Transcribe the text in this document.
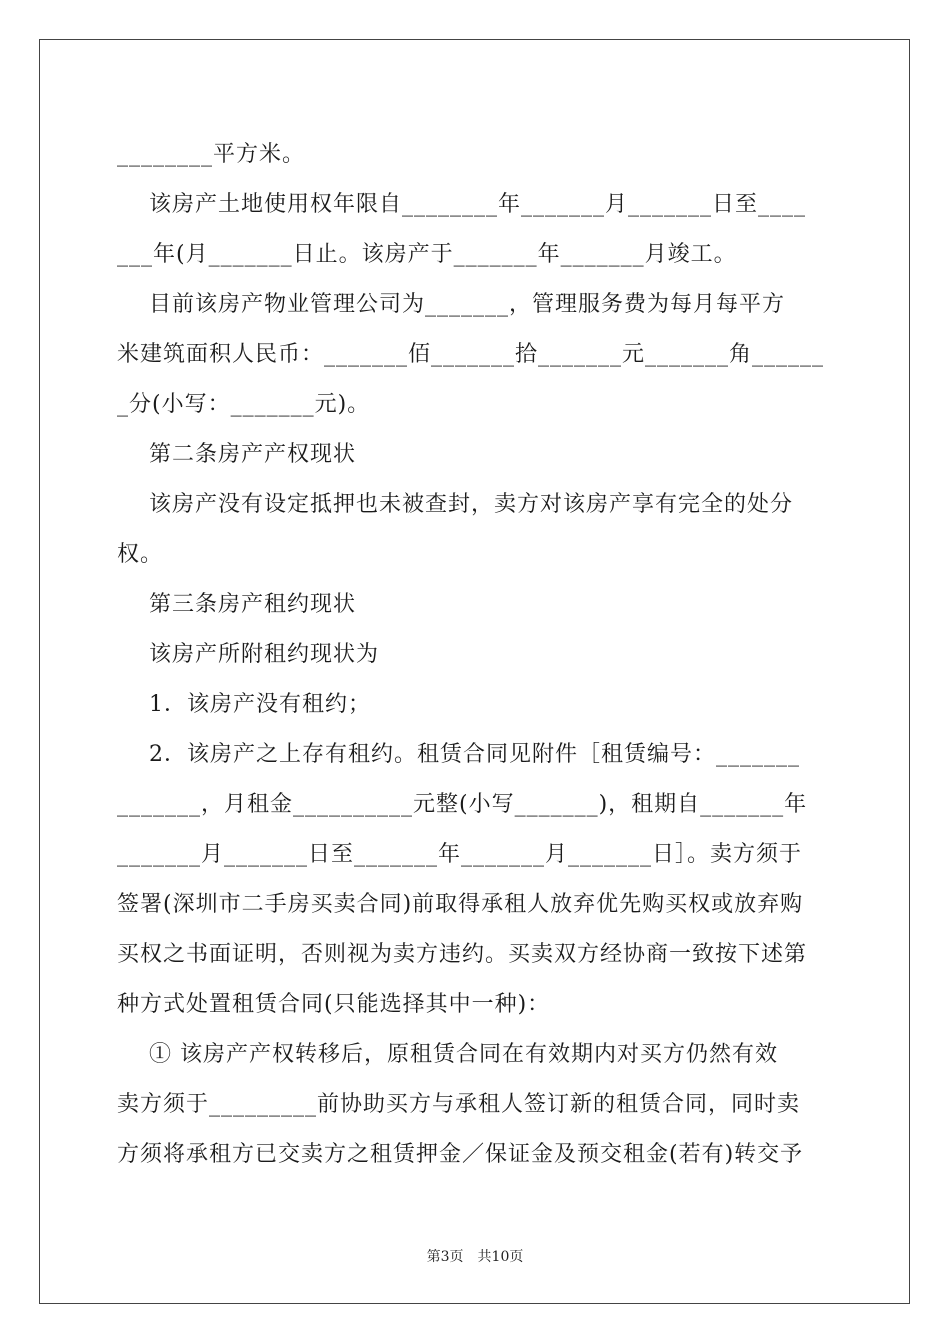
________平方米。
该房产土地使用权年限自________年_______月_______日至____
___年(月_______日止。该房产于_______年_______月竣工。
目前该房产物业管理公司为_______，管理服务费为每月每平方
米建筑面积人民币：_______佰_______拾_______元_______角______
_分(小写：_______元)。
第二条房产产权现状
该房产没有设定抵押也未被查封，卖方对该房产享有完全的处分
权。
第三条房产租约现状
该房产所附租约现状为
1．该房产没有租约；
2．该房产之上存有租约。租赁合同见附件［租赁编号：_______
_______，月租金__________元整(小写_______)，租期自_______年
_______月_______日至_______年_______月_______日］。卖方须于
签署(深圳市二手房买卖合同)前取得承租人放弃优先购买权或放弃购
买权之书面证明，否则视为卖方违约。买卖双方经协商一致按下述第
种方式处置租赁合同(只能选择其中一种)：
① 该房产产权转移后，原租赁合同在有效期内对买方仍然有效
卖方须于_________前协助买方与承租人签订新的租赁合同，同时卖
方须将承租方已交卖方之租赁押金／保证金及预交租金(若有)转交予
第3页　共10页
